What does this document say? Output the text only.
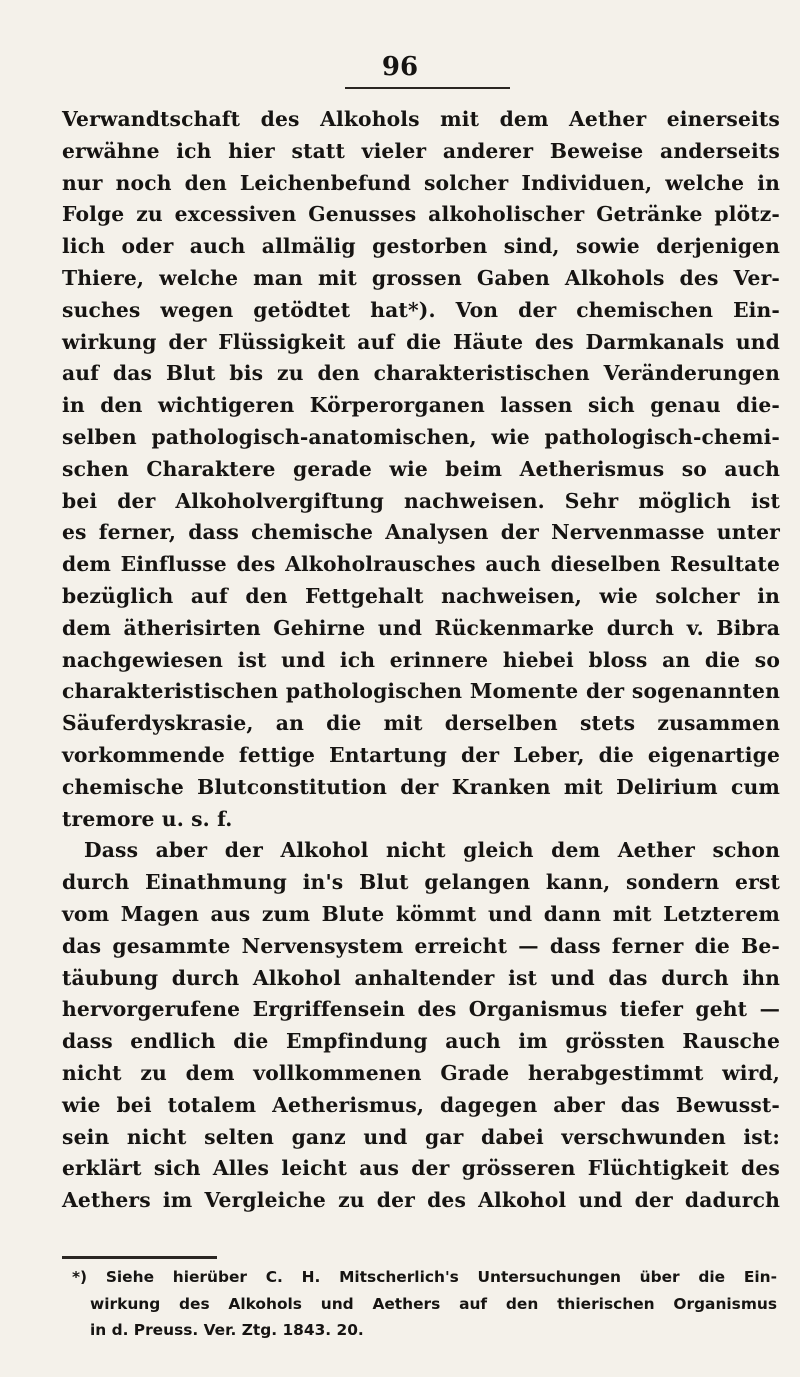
96
Verwandtschaft des Alkohols mit dem Aether einerseits
erwähne ich hier statt vieler anderer Beweise anderseits
nur noch den Leichenbefund solcher Individuen, welche in
Folge zu excessiven Genusses alkoholischer Getränke plötz-
lich oder auch allmälig gestorben sind, sowie derjenigen
Thiere, welche man mit grossen Gaben Alkohols des Ver-
suches wegen getödtet hat*). Von der chemischen Ein-
wirkung der Flüssigkeit auf die Häute des Darmkanals und
auf das Blut bis zu den charakteristischen Veränderungen
in den wichtigeren Körperorganen lassen sich genau die-
selben pathologisch-anatomischen, wie pathologisch-chemi-
schen Charaktere gerade wie beim Aetherismus so auch
bei der Alkoholvergiftung nachweisen. Sehr möglich ist
es ferner, dass chemische Analysen der Nervenmasse unter
dem Einflusse des Alkoholrausches auch dieselben Resultate
bezüglich auf den Fettgehalt nachweisen, wie solcher in
dem ätherisirten Gehirne und Rückenmarke durch v. Bibra
nachgewiesen ist und ich erinnere hiebei bloss an die so
charakteristischen pathologischen Momente der sogenannten
Säuferdyskrasie, an die mit derselben stets zusammen
vorkommende fettige Entartung der Leber, die eigenartige
chemische Blutconstitution der Kranken mit Delirium cum
tremore u. s. f.
Dass aber der Alkohol nicht gleich dem Aether schon
durch Einathmung in's Blut gelangen kann, sondern erst
vom Magen aus zum Blute kömmt und dann mit Letzterem
das gesammte Nervensystem erreicht — dass ferner die Be-
täubung durch Alkohol anhaltender ist und das durch ihn
hervorgerufene Ergriffensein des Organismus tiefer geht —
dass endlich die Empfindung auch im grössten Rausche
nicht zu dem vollkommenen Grade herabgestimmt wird,
wie bei totalem Aetherismus, dagegen aber das Bewusst-
sein nicht selten ganz und gar dabei verschwunden ist:
erklärt sich Alles leicht aus der grösseren Flüchtigkeit des
Aethers im Vergleiche zu der des Alkohol und der dadurch
*) Siehe hierüber C. H. Mitscherlich's Untersuchungen über die Ein-
wirkung des Alkohols und Aethers auf den thierischen Organismus
in d. Preuss. Ver. Ztg. 1843. 20.
